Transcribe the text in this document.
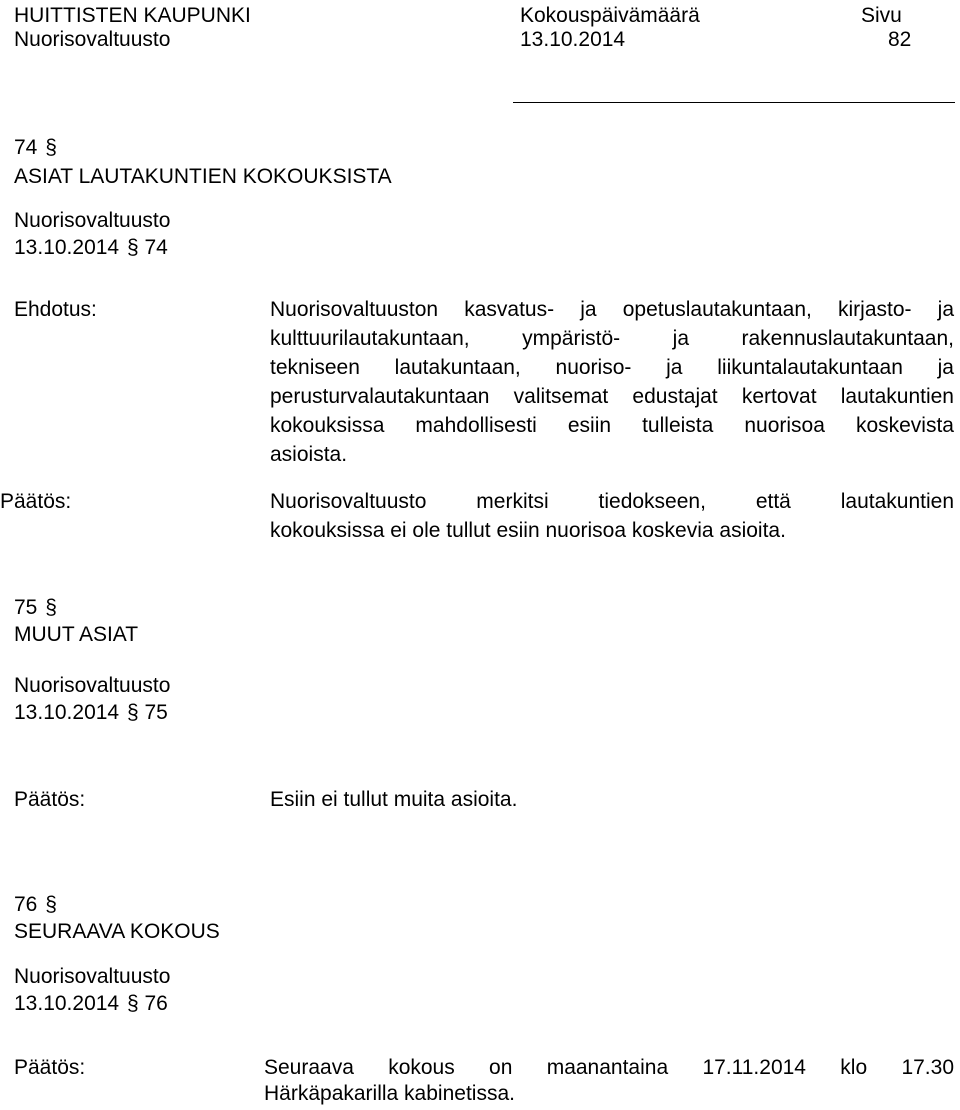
HUITTISTEN KAUPUNKI
Nuorisovaltuusto
Kokouspäivämäärä
13.10.2014
Sivu
82
74 §
ASIAT LAUTAKUNTIEN KOKOUKSISTA
Nuorisovaltuusto
13.10.2014 § 74
Ehdotus:	Nuorisovaltuuston kasvatus- ja opetuslautakuntaan, kirjasto- ja
kulttuurilautakuntaan, ympäristö- ja rakennuslautakuntaan,
tekniseen lautakuntaan, nuoriso- ja liikuntalautakuntaan ja
perusturvalautakuntaan valitsemat edustajat kertovat lautakuntien
kokouksissa mahdollisesti esiin tulleista nuorisoa koskevista
asioista.
Päätös:	Nuorisovaltuusto merkitsi tiedokseen, että lautakuntien
kokouksissa ei ole tullut esiin nuorisoa koskevia asioita.
75 §
MUUT ASIAT
Nuorisovaltuusto
13.10.2014 § 75
Päätös:	Esiin ei tullut muita asioita.
76 §
SEURAAVA KOKOUS
Nuorisovaltuusto
13.10.2014 § 76
Päätös:	Seuraava kokous on maanantaina 17.11.2014 klo 17.30
Härkäpakarilla kabinetissa.
